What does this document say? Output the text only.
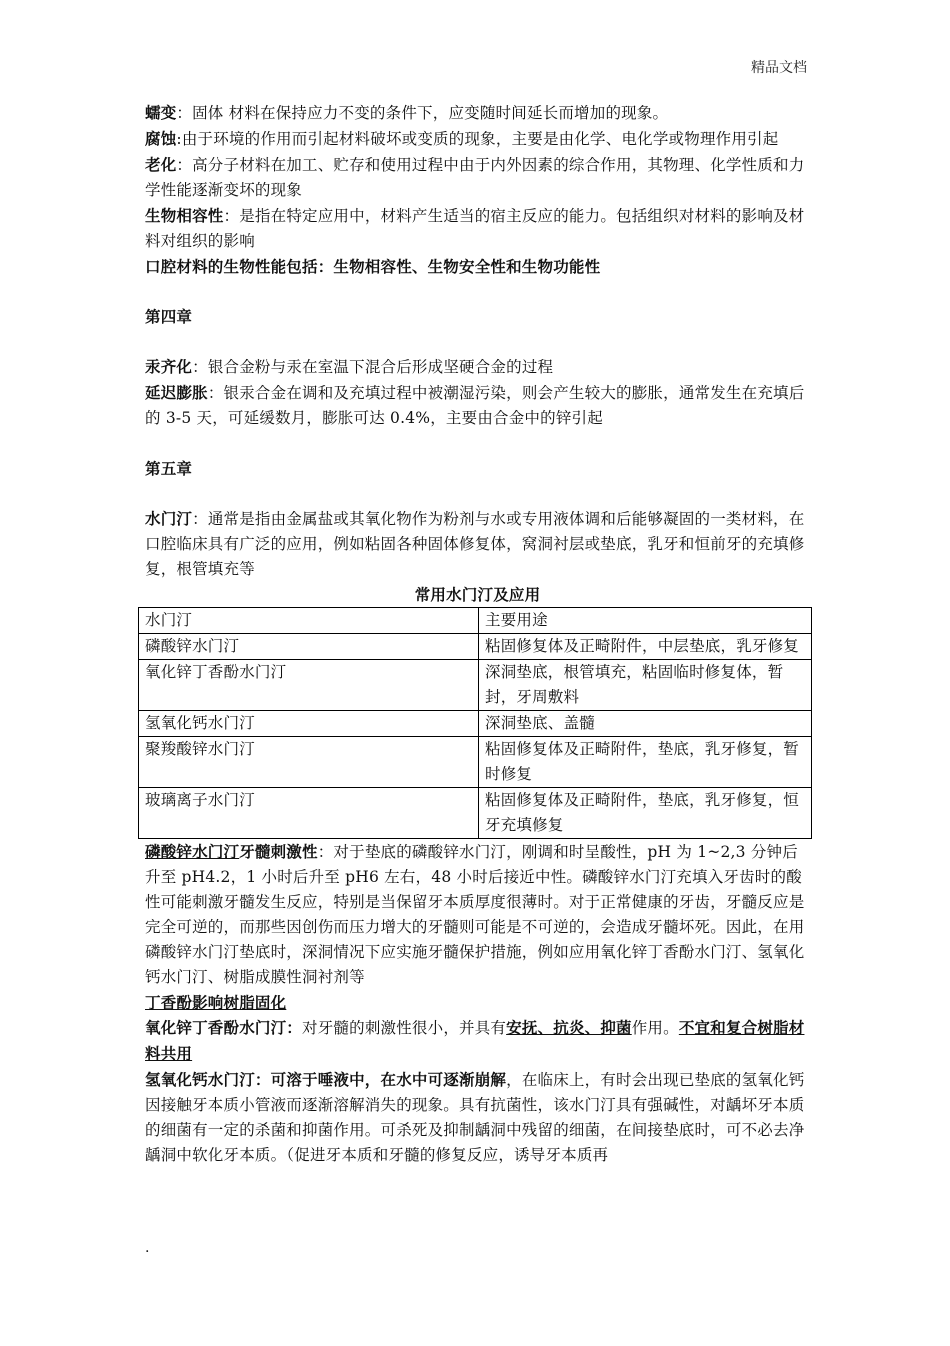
精品文档

蠕变：固体 材料在保持应力不变的条件下，应变随时间延长而增加的现象。

腐蚀:由于环境的作用而引起材料破坏或变质的现象，主要是由化学、电化学或物理作用引起

老化：高分子材料在加工、贮存和使用过程中由于内外因素的综合作用，其物理、化学性质和力学性能逐渐变坏的现象

生物相容性：是指在特定应用中，材料产生适当的宿主反应的能力。包括组织对材料的影响及材料对组织的影响

口腔材料的生物性能包括：生物相容性、生物安全性和生物功能性

第四章

汞齐化：银合金粉与汞在室温下混合后形成坚硬合金的过程

延迟膨胀：银汞合金在调和及充填过程中被潮湿污染，则会产生较大的膨胀，通常发生在充填后的 3-5 天，可延缓数月，膨胀可达 0.4%，主要由合金中的锌引起

第五章

水门汀：通常是指由金属盐或其氧化物作为粉剂与水或专用液体调和后能够凝固的一类材料，在口腔临床具有广泛的应用，例如粘固各种固体修复体，窝洞衬层或垫底，乳牙和恒前牙的充填修复，根管填充等

常用水门汀及应用

水门汀	主要用途
磷酸锌水门汀	粘固修复体及正畸附件，中层垫底，乳牙修复
氧化锌丁香酚水门汀	深洞垫底，根管填充，粘固临时修复体，暂封，牙周敷料
氢氧化钙水门汀	深洞垫底、盖髓
聚羧酸锌水门汀	粘固修复体及正畸附件，垫底，乳牙修复，暂时修复
玻璃离子水门汀	粘固修复体及正畸附件，垫底，乳牙修复，恒牙充填修复

磷酸锌水门汀牙髓刺激性：对于垫底的磷酸锌水门汀，刚调和时呈酸性，pH 为 1~2,3 分钟后升至 pH4.2，1 小时后升至 pH6 左右，48 小时后接近中性。磷酸锌水门汀充填入牙齿时的酸性可能刺激牙髓发生反应，特别是当保留牙本质厚度很薄时。对于正常健康的牙齿，牙髓反应是完全可逆的，而那些因创伤而压力增大的牙髓则可能是不可逆的，会造成牙髓坏死。因此，在用磷酸锌水门汀垫底时，深洞情况下应实施牙髓保护措施，例如应用氧化锌丁香酚水门汀、氢氧化钙水门汀、树脂成膜性洞衬剂等

丁香酚影响树脂固化

氧化锌丁香酚水门汀：对牙髓的刺激性很小，并具有安抚、抗炎、抑菌作用。不宜和复合树脂材料共用

氢氧化钙水门汀：可溶于唾液中，在水中可逐渐崩解，在临床上，有时会出现已垫底的氢氧化钙因接触牙本质小管液而逐渐溶解消失的现象。具有抗菌性，该水门汀具有强碱性，对龋坏牙本质的细菌有一定的杀菌和抑菌作用。可杀死及抑制龋洞中残留的细菌，在间接垫底时，可不必去净龋洞中软化牙本质。（促进牙本质和牙髓的修复反应，诱导牙本质再

.
